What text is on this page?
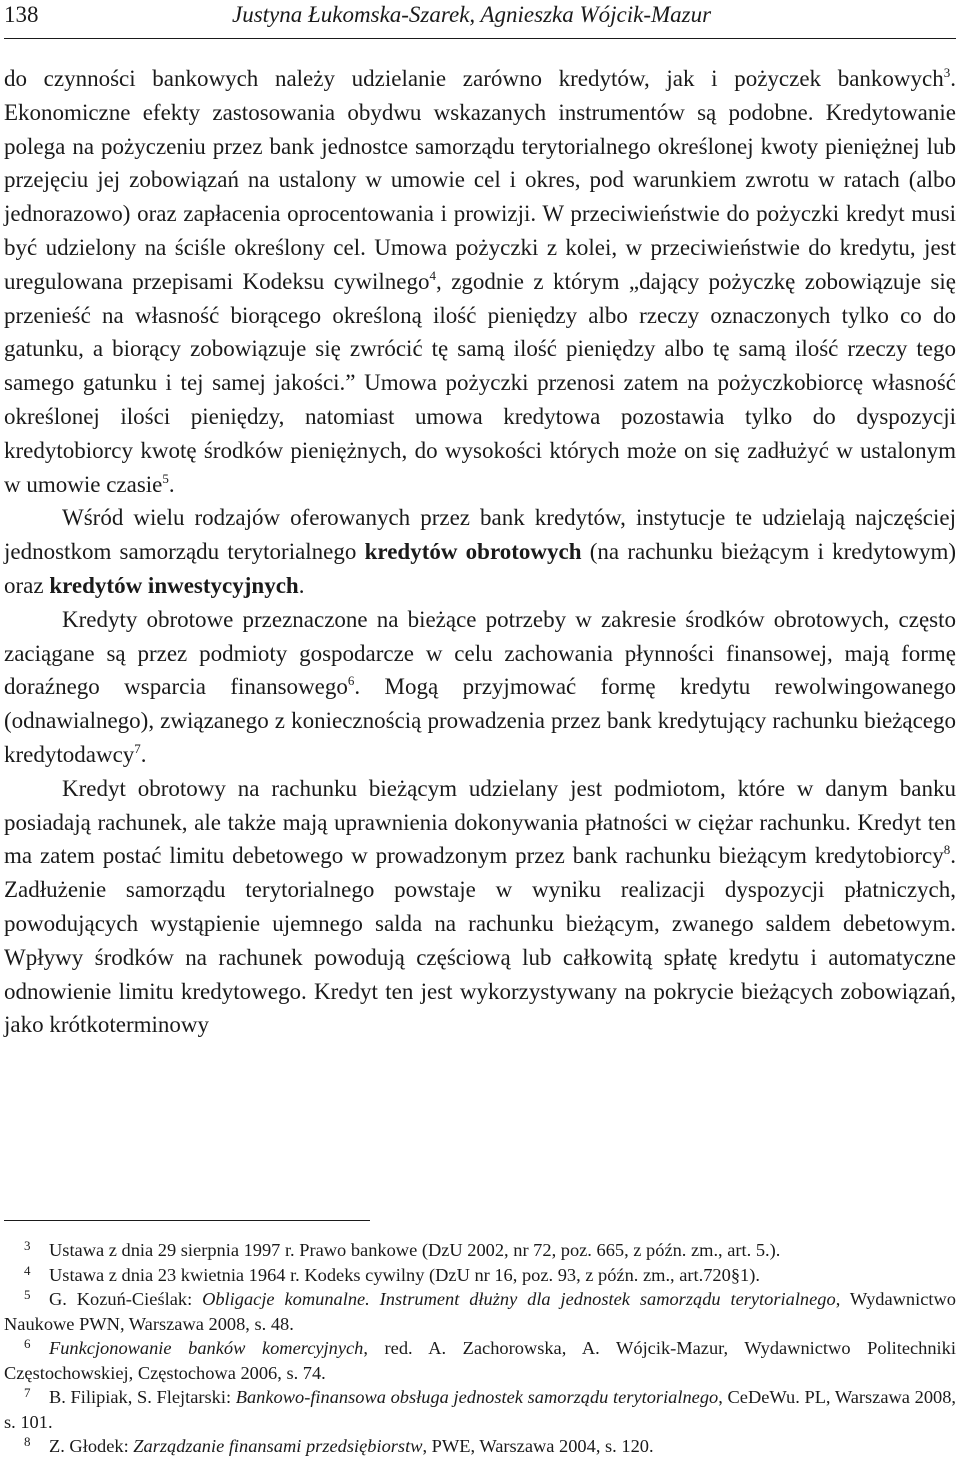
138	Justyna Łukomska-Szarek, Agnieszka Wójcik-Mazur

do czynności bankowych należy udzielanie zarówno kredytów, jak i pożyczek bankowych$^3$. Ekonomiczne efekty zastosowania obydwu wskazanych instrumentów są podobne. Kredytowanie polega na pożyczeniu przez bank jednostce samorządu terytorialnego określonej kwoty pieniężnej lub przejęciu jej zobowiązań na ustalony w umowie cel i okres, pod warunkiem zwrotu w ratach (albo jednorazowo) oraz zapłacenia oprocentowania i prowizji. W przeciwieństwie do pożyczki kredyt musi być udzielony na ściśle określony cel. Umowa pożyczki z kolei, w przeciwieństwie do kredytu, jest uregulowana przepisami Kodeksu cywilnego$^4$, zgodnie z którym „dający pożyczkę zobowiązuje się przenieść na własność biorącego określoną ilość pieniędzy albo rzeczy oznaczonych tylko co do gatunku, a biorący zobowiązuje się zwrócić tę samą ilość pieniędzy albo tę samą ilość rzeczy tego samego gatunku i tej samej jakości.” Umowa pożyczki przenosi zatem na pożyczkobiorcę własność określonej ilości pieniędzy, natomiast umowa kredytowa pozostawia tylko do dyspozycji kredytobiorcy kwotę środków pieniężnych, do wysokości których może on się zadłużyć w ustalonym w umowie czasie$^5$.

Wśród wielu rodzajów oferowanych przez bank kredytów, instytucje te udzielają najczęściej jednostkom samorządu terytorialnego kredytów obrotowych (na rachunku bieżącym i kredytowym) oraz kredytów inwestycyjnych.

Kredyty obrotowe przeznaczone na bieżące potrzeby w zakresie środków obrotowych, często zaciągane są przez podmioty gospodarcze w celu zachowania płynności finansowej, mają formę doraźnego wsparcia finansowego$^6$. Mogą przyjmować formę kredytu rewolwingowanego (odnawialnego), związanego z koniecznością prowadzenia przez bank kredytujący rachunku bieżącego kredytodawcy$^7$.

Kredyt obrotowy na rachunku bieżącym udzielany jest podmiotom, które w danym banku posiadają rachunek, ale także mają uprawnienia dokonywania płatności w ciężar rachunku. Kredyt ten ma zatem postać limitu debetowego w prowadzonym przez bank rachunku bieżącym kredytobiorcy$^8$. Zadłużenie samorządu terytorialnego powstaje w wyniku realizacji dyspozycji płatniczych, powodujących wystąpienie ujemnego salda na rachunku bieżącym, zwanego saldem debetowym. Wpływy środków na rachunek powodują częściową lub całkowitą spłatę kredytu i automatyczne odnowienie limitu kredytowego. Kredyt ten jest wykorzystywany na pokrycie bieżących zobowiązań, jako krótkoterminowy

3 Ustawa z dnia 29 sierpnia 1997 r. Prawo bankowe (DzU 2002, nr 72, poz. 665, z późn. zm., art. 5.).

4 Ustawa z dnia 23 kwietnia 1964 r. Kodeks cywilny (DzU nr 16, poz. 93, z późn. zm., art.720§1).

5 G. Kozuń-Cieślak: Obligacje komunalne. Instrument dłużny dla jednostek samorządu terytorialnego, Wydawnictwo Naukowe PWN, Warszawa 2008, s. 48.

6 Funkcjonowanie banków komercyjnych, red. A. Zachorowska, A. Wójcik-Mazur, Wydawnictwo Politechniki Częstochowskiej, Częstochowa 2006, s. 74.

7 B. Filipiak, S. Flejtarski: Bankowo-finansowa obsługa jednostek samorządu terytorialnego, CeDeWu. PL, Warszawa 2008, s. 101.

8 Z. Głodek: Zarządzanie finansami przedsiębiorstw, PWE, Warszawa 2004, s. 120.
